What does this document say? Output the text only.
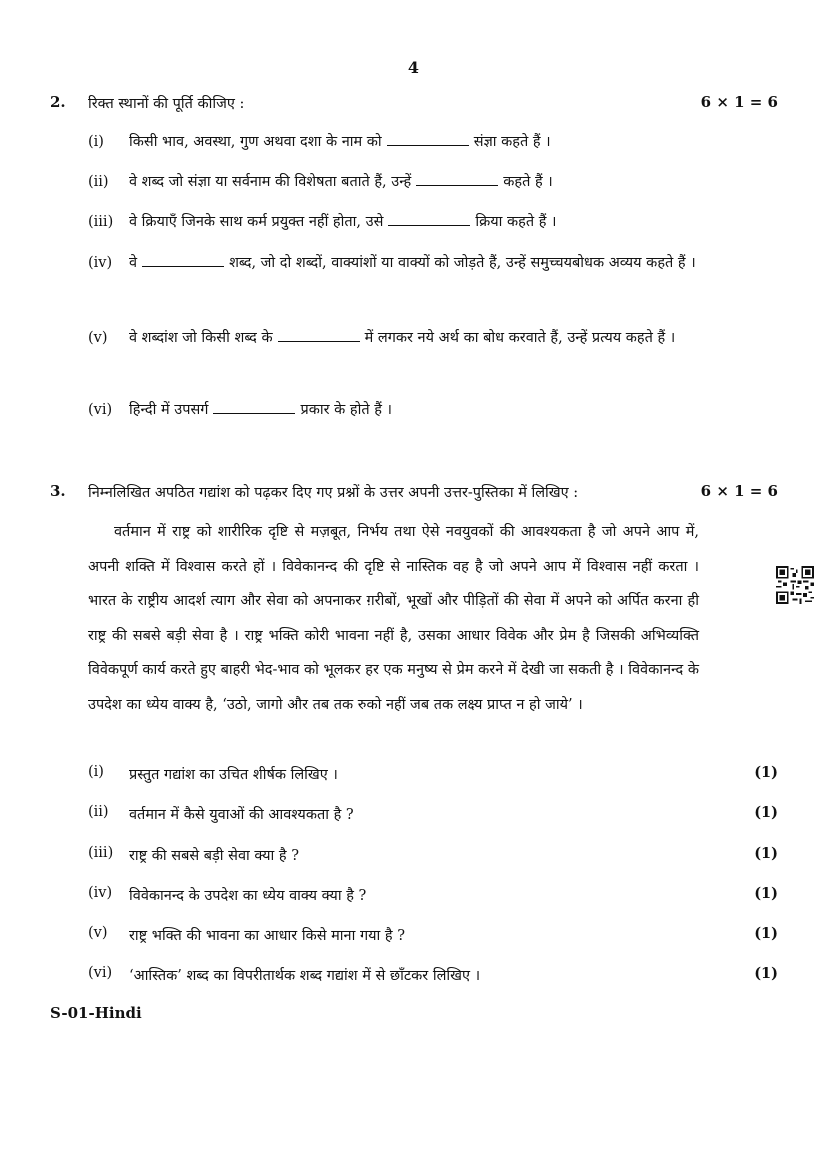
4
2. रिक्त स्थानों की पूर्ति कीजिए :	6 × 1 = 6
(i) किसी भाव, अवस्था, गुण अथवा दशा के नाम को	संज्ञा कहते हैं ।
(ii) वे शब्द जो संज्ञा या सर्वनाम की विशेषता बताते हैं, उन्हें	कहते हैं ।
(iii) वे क्रियाएँ जिनके साथ कर्म प्रयुक्त नहीं होता, उसे	क्रिया कहते हैं ।
(iv) वे	शब्द, जो दो शब्दों, वाक्यांशों या वाक्यों को जोड़ते हैं, उन्हें समुच्चयबोधक अव्यय कहते हैं ।
(v) वे शब्दांश जो किसी शब्द के	में लगकर नये अर्थ का बोध करवाते हैं, उन्हें प्रत्यय कहते हैं ।
(vi) हिन्दी में उपसर्ग	प्रकार के होते हैं ।
3. निम्नलिखित अपठित गद्यांश को पढ़कर दिए गए प्रश्नों के उत्तर अपनी उत्तर-पुस्तिका में लिखिए :	6 × 1 = 6
वर्तमान में राष्ट्र को शारीरिक दृष्टि से मज़बूत, निर्भय तथा ऐसे नवयुवकों की आवश्यकता है जो अपने आप में, अपनी शक्ति में विश्वास करते हों । विवेकानन्द की दृष्टि से नास्तिक वह है जो अपने आप में विश्वास नहीं करता । भारत के राष्ट्रीय आदर्श त्याग और सेवा को अपनाकर ग़रीबों, भूखों और पीड़ितों की सेवा में अपने को अर्पित करना ही राष्ट्र की सबसे बड़ी सेवा है । राष्ट्र भक्ति कोरी भावना नहीं है, उसका आधार विवेक और प्रेम है जिसकी अभिव्यक्ति विवेकपूर्ण कार्य करते हुए बाहरी भेद-भाव को भूलकर हर एक मनुष्य से प्रेम करने में देखी जा सकती है । विवेकानन्द के उपदेश का ध्येय वाक्य है, ‘उठो, जागो और तब तक रुको नहीं जब तक लक्ष्य प्राप्त न हो जाये’ ।
(i) प्रस्तुत गद्यांश का उचित शीर्षक लिखिए ।	(1)
(ii) वर्तमान में कैसे युवाओं की आवश्यकता है ?	(1)
(iii) राष्ट्र की सबसे बड़ी सेवा क्या है ?	(1)
(iv) विवेकानन्द के उपदेश का ध्येय वाक्य क्या है ?	(1)
(v) राष्ट्र भक्ति की भावना का आधार किसे माना गया है ?	(1)
(vi) ‘आस्तिक’ शब्द का विपरीतार्थक शब्द गद्यांश में से छाँटकर लिखिए ।	(1)
S-01-Hindi
